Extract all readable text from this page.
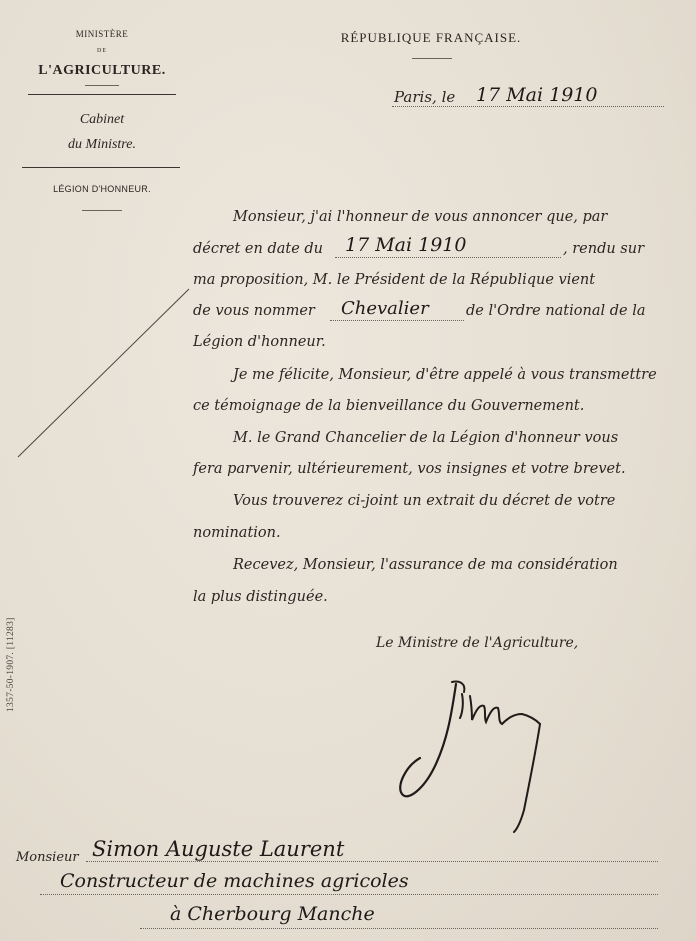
MINISTÈRE
DE
L'AGRICULTURE.
Cabinet
du Ministre.
LÉGION D'HONNEUR.
RÉPUBLIQUE FRANÇAISE.
Paris, le 17 Mai 1910
Monsieur, j'ai l'honneur de vous annoncer que, par
décret en date du 17 Mai 1910	, rendu sur
ma proposition, M. le Président de la République vient
de vous nommer Chevalier	de l'Ordre national de la
Légion d'honneur.
Je me félicite, Monsieur, d'être appelé à vous transmettre
ce témoignage de la bienveillance du Gouvernement.
M. le Grand Chancelier de la Légion d'honneur vous
fera parvenir, ultérieurement, vos insignes et votre brevet.
Vous trouverez ci-joint un extrait du décret de votre
nomination.
Recevez, Monsieur, l'assurance de ma considération
la plus distinguée.
Le Ministre de l'Agriculture,
1357-50-1907. [11283]
Monsieur Simon Auguste Laurent
Constructeur de machines agricoles
à Cherbourg Manche
